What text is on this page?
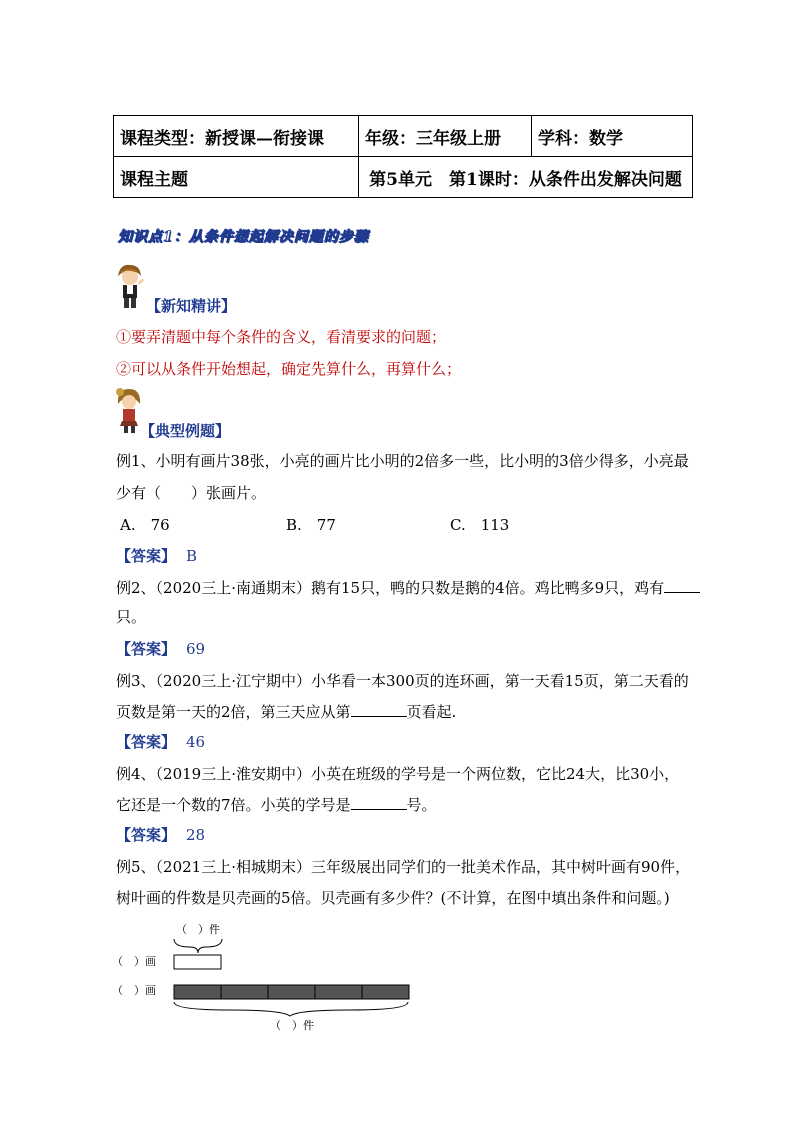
课程类型：新授课—衔接课	年级：三年级上册	学科：数学
课程主题	第5单元　第1课时：从条件出发解决问题	
知识点1：从条件想起解决问题的步骤
【新知精讲】
①要弄清题中每个条件的含义，看清要求的问题；
②可以从条件开始想起，确定先算什么，再算什么；
【典型例题】
例1、小明有画片38张，小亮的画片比小明的2倍多一些，比小明的3倍少得多，小亮最
少有（　　）张画片。
A.　76	B.　77	C.　113
【答案】 B
例2、（2020三上·南通期末）鹅有15只，鸭的只数是鹅的4倍。鸡比鸭多9只，鸡有
只。
【答案】 69
例3、（2020三上·江宁期中）小华看一本300页的连环画，第一天看15页，第二天看的
页数是第一天的2倍，第三天应从第	页看起.
【答案】 46
例4、（2019三上·淮安期中）小英在班级的学号是一个两位数，它比24大，比30小，
它还是一个数的7倍。小英的学号是	号。
【答案】 28
例5、（2021三上·相城期末）三年级展出同学们的一批美术作品，其中树叶画有90件，
树叶画的件数是贝壳画的5倍。贝壳画有多少件？(不计算，在图中填出条件和问题。)
（　）件
（　）画
（　）画
（　）件
